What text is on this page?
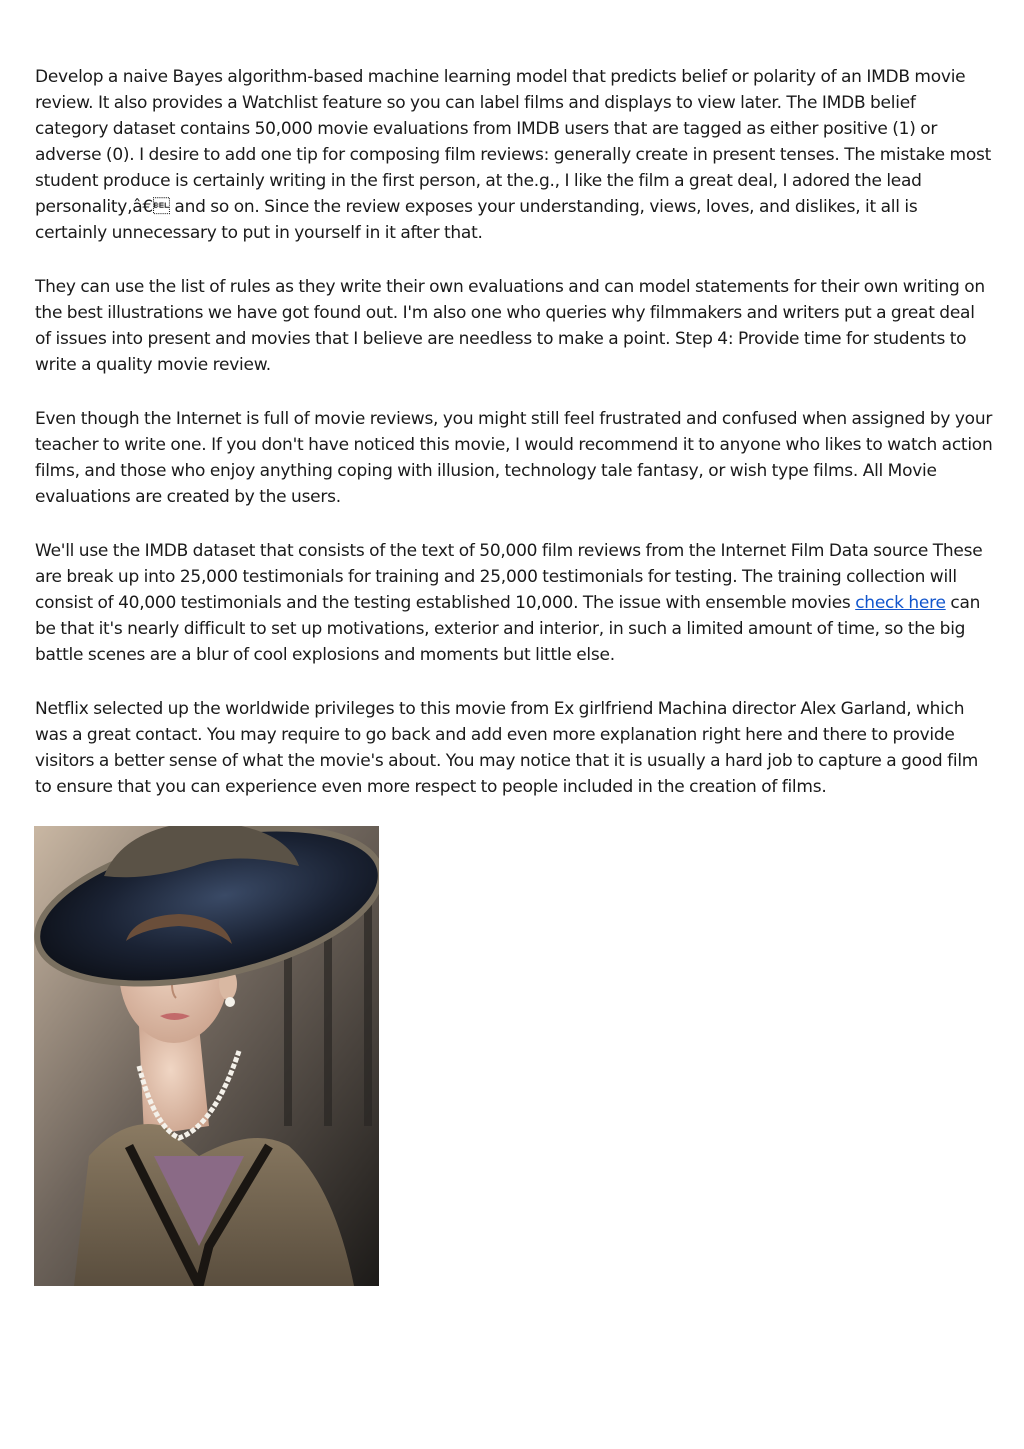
Develop a naive Bayes algorithm-based machine learning model that predicts belief or polarity of an IMDB movie review. It also provides a Watchlist feature so you can label films and displays to view later. The IMDB belief category dataset contains 50,000 movie evaluations from IMDB users that are tagged as either positive (1) or adverse (0). I desire to add one tip for composing film reviews: generally create in present tenses. The mistake most student produce is certainly writing in the first person, at the.g., I like the film a great deal, I adored the lead personality,â€ and so on. Since the review exposes your understanding, views, loves, and dislikes, it all is certainly unnecessary to put in yourself in it after that.

They can use the list of rules as they write their own evaluations and can model statements for their own writing on the best illustrations we have got found out. I'm also one who queries why filmmakers and writers put a great deal of issues into present and movies that I believe are needless to make a point. Step 4: Provide time for students to write a quality movie review.

Even though the Internet is full of movie reviews, you might still feel frustrated and confused when assigned by your teacher to write one. If you don't have noticed this movie, I would recommend it to anyone who likes to watch action films, and those who enjoy anything coping with illusion, technology tale fantasy, or wish type films. All Movie evaluations are created by the users.

We'll use the IMDB dataset that consists of the text of 50,000 film reviews from the Internet Film Data source These are break up into 25,000 testimonials for training and 25,000 testimonials for testing. The training collection will consist of 40,000 testimonials and the testing established 10,000. The issue with ensemble movies check here can be that it's nearly difficult to set up motivations, exterior and interior, in such a limited amount of time, so the big battle scenes are a blur of cool explosions and moments but little else.

Netflix selected up the worldwide privileges to this movie from Ex girlfriend Machina director Alex Garland, which was a great contact. You may require to go back and add even more explanation right here and there to provide visitors a better sense of what the movie's about. You may notice that it is usually a hard job to capture a good film to ensure that you can experience even more respect to people included in the creation of films.
